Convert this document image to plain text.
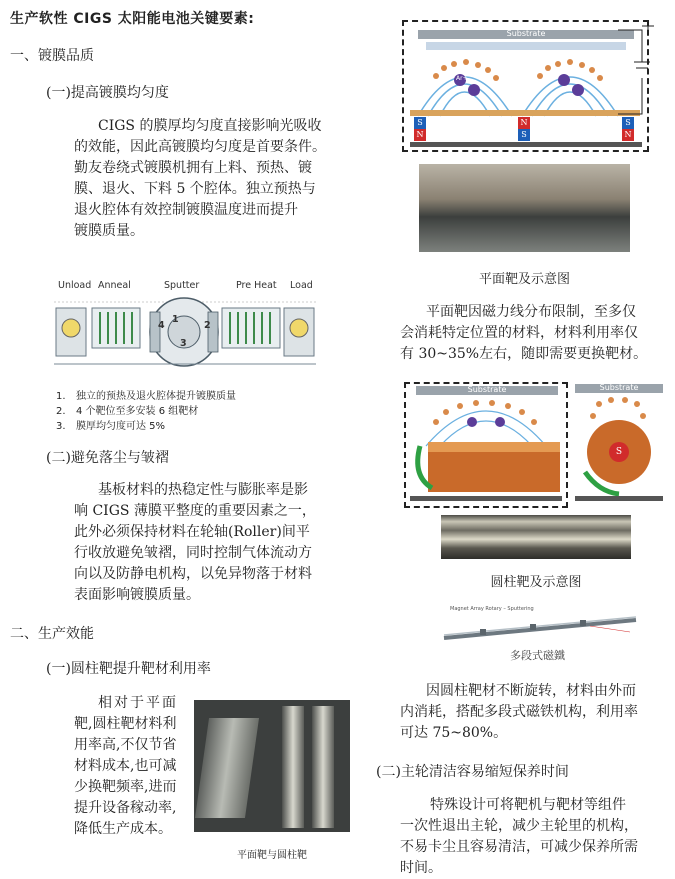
生产软性 CIGS 太阳能电池关键要素:
一、镀膜品质
(一)提高镀膜均匀度
CIGS 的膜厚均匀度直接影响光吸收
的效能，因此高镀膜均匀度是首要条件。
勤友卷绕式镀膜机拥有上料、预热、镀
膜、退火、下料 5 个腔体。独立预热与
退火腔体有效控制镀膜温度进而提升
镀膜质量。
Unload Anneal	Sputter	Pre Heat Load
4
1
2
3
1. 独立的预热及退火腔体提升镀膜质量
2. 4 个靶位至多安装 6 组靶材
3. 膜厚均匀度可达 5%
(二)避免落尘与皱褶
基板材料的热稳定性与膨胀率是影
响 CIGS 薄膜平整度的重要因素之一，
此外必须保持材料在轮轴(Roller)间平
行收放避免皱褶，同时控制气体流动方
向以及防静电机构，以免异物落于材料
表面影响镀膜质量。
二、生产效能
(一)圆柱靶提升靶材利用率
相对于平面
靶,圆柱靶材料利
用率高,不仅节省
材料成本,也可减
少换靶频率,进而
提升设备稼动率,
降低生产成本。
平面靶与圆柱靶
Substrate
Ar+
S
N
N
S
S
N
平面靶及示意图
平面靶因磁力线分布限制，至多仅
会消耗特定位置的材料，材料利用率仅
有 30~35%左右，随即需要更换靶材。
Substrate	Substrate
S
圆柱靶及示意图
Magnet Array Rotary – Sputtering
多段式磁鐵
因圆柱靶材不断旋转，材料由外而
内消耗，搭配多段式磁铁机构，利用率
可达 75~80%。
(二)主轮清洁容易缩短保养时间
特殊设计可将靶机与靶材等组件
一次性退出主轮，减少主轮里的机构，
不易卡尘且容易清洁，可减少保养所需
时间。
